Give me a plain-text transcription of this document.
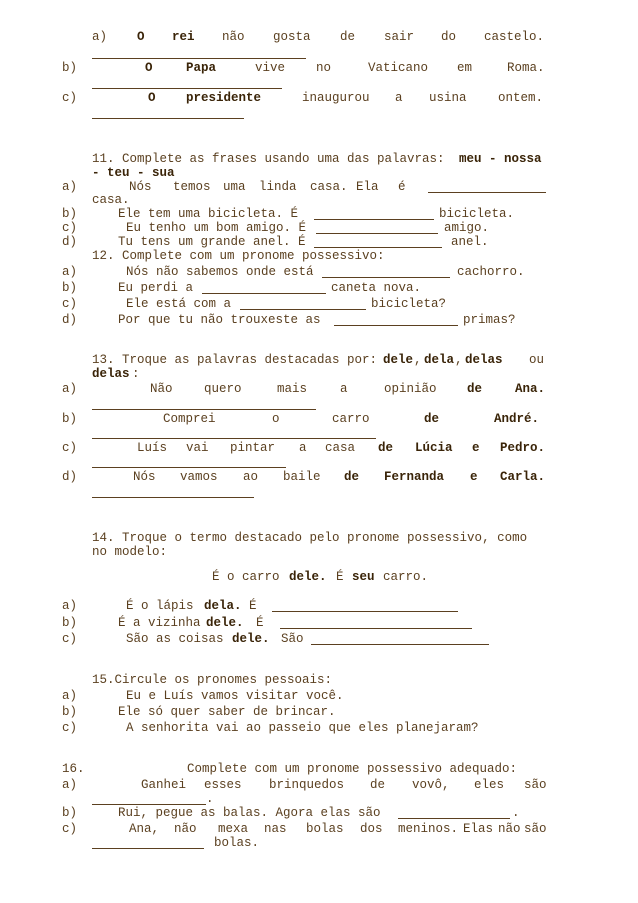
a) O rei não gosta de sair do castelo.
b)	O	Papa	vive no	Vaticano em	Roma.
c)	O presidente	inaugurou a usina	ontem.
11. Complete as frases usando uma das palavras: meu - nossa
- teu - sua
a)	Nós temos uma linda casa. Ela é
casa.
b)	Ele tem uma bicicleta. É	bicicleta.
c)	Eu tenho um bom amigo. É	amigo.
d)	Tu tens um grande anel. É	anel.
12. Complete com um pronome possessivo:
a)	Nós não sabemos onde está	cachorro.
b)	Eu perdi a	caneta nova.
c)	Ele está com a	bicicleta?
d)	Por que tu não trouxeste as	primas?
13. Troque as palavras destacadas por: dele , dela , delas ou
delas :
a)	Não	quero	mais	a	opinião de	Ana.
b)	Comprei	o	carro	de	André.
c)	Luís vai pintar a casa de Lúcia e Pedro.
d)	Nós vamos ao baile de Fernanda e Carla.
14. Troque o termo destacado pelo pronome possessivo, como
no modelo:
É o carro dele. É seu carro.
a)	É o lápis dela. É
b)	É a vizinha dele. É
c)	São as coisas dele. São
15.Circule os pronomes pessoais:
a)	Eu e Luís vamos visitar você.
b)	Ele só quer saber de brincar.
c)	A senhorita vai ao passeio que eles planejaram?
16.	Complete com um pronome possessivo adequado:
a)	Ganhei esses brinquedos de vovô, eles são
.
b)	Rui, pegue as balas. Agora elas são	.
c)	Ana, não mexa nas bolas dos meninos. Elas não são
bolas.
